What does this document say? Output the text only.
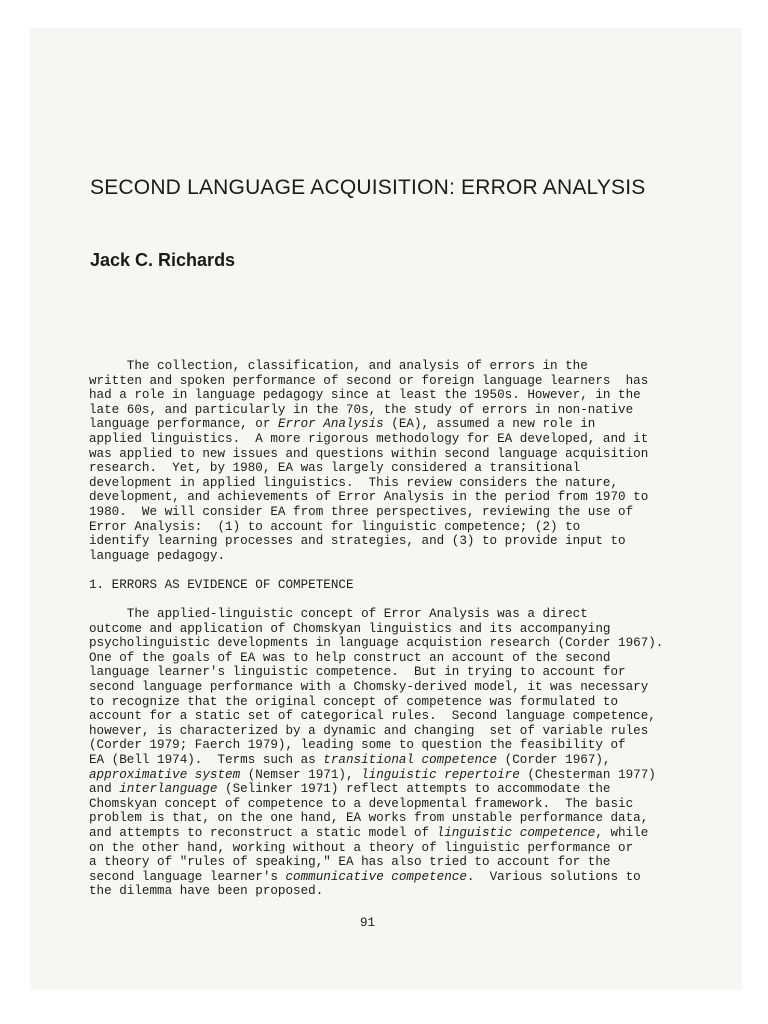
SECOND LANGUAGE ACQUISITION: ERROR ANALYSIS
Jack C. Richards
The collection, classification, and analysis of errors in the
written and spoken performance of second or foreign language learners  has
had a role in language pedagogy since at least the 1950s. However, in the
late 60s, and particularly in the 70s, the study of errors in non-native
language performance, or Error Analysis (EA), assumed a new role in
applied linguistics.  A more rigorous methodology for EA developed, and it
was applied to new issues and questions within second language acquisition
research.  Yet, by 1980, EA was largely considered a transitional
development in applied linguistics.  This review considers the nature,
development, and achievements of Error Analysis in the period from 1970 to
1980.  We will consider EA from three perspectives, reviewing the use of
Error Analysis:  (1) to account for linguistic competence; (2) to
identify learning processes and strategies, and (3) to provide input to
language pedagogy.
1. ERRORS AS EVIDENCE OF COMPETENCE
The applied-linguistic concept of Error Analysis was a direct
outcome and application of Chomskyan linguistics and its accompanying
psycholinguistic developments in language acquistion research (Corder 1967).
One of the goals of EA was to help construct an account of the second
language learner's linguistic competence.  But in trying to account for
second language performance with a Chomsky-derived model, it was necessary
to recognize that the original concept of competence was formulated to
account for a static set of categorical rules.  Second language competence,
however, is characterized by a dynamic and changing  set of variable rules
(Corder 1979; Faerch 1979), leading some to question the feasibility of
EA (Bell 1974).  Terms such as transitional competence (Corder 1967),
approximative system (Nemser 1971), linguistic repertoire (Chesterman 1977)
and interlanguage (Selinker 1971) reflect attempts to accommodate the
Chomskyan concept of competence to a developmental framework.  The basic
problem is that, on the one hand, EA works from unstable performance data,
and attempts to reconstruct a static model of linguistic competence, while
on the other hand, working without a theory of linguistic performance or
a theory of "rules of speaking," EA has also tried to account for the
second language learner's communicative competence.  Various solutions to
the dilemma have been proposed.
91
